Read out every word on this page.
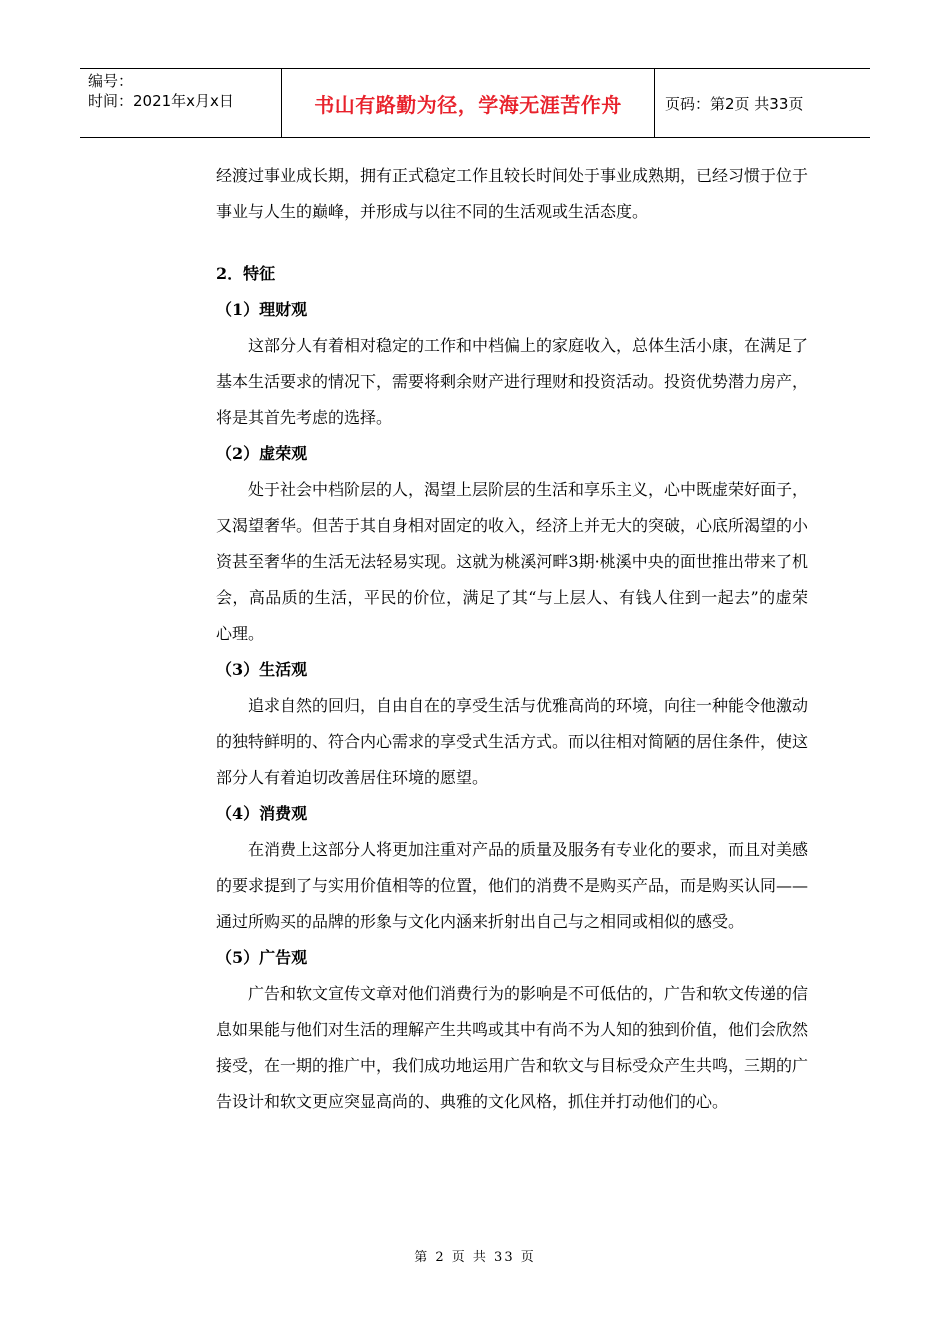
编号：
时间：2021年x月x日	书山有路勤为径，学海无涯苦作舟	页码：第2页 共33页

经渡过事业成长期，拥有正式稳定工作且较长时间处于事业成熟期，已经习惯于位于事业与人生的巅峰，并形成与以往不同的生活观或生活态度。

2．特征

（1）理财观

这部分人有着相对稳定的工作和中档偏上的家庭收入，总体生活小康，在满足了基本生活要求的情况下，需要将剩余财产进行理财和投资活动。投资优势潜力房产，将是其首先考虑的选择。

（2）虚荣观

处于社会中档阶层的人，渴望上层阶层的生活和享乐主义，心中既虚荣好面子，又渴望奢华。但苦于其自身相对固定的收入，经济上并无大的突破，心底所渴望的小资甚至奢华的生活无法轻易实现。这就为桃溪河畔3期·桃溪中央的面世推出带来了机会，高品质的生活，平民的价位，满足了其“与上层人、有钱人住到一起去”的虚荣心理。

（3）生活观

追求自然的回归，自由自在的享受生活与优雅高尚的环境，向往一种能令他激动的独特鲜明的、符合内心需求的享受式生活方式。而以往相对简陋的居住条件，使这部分人有着迫切改善居住环境的愿望。

（4）消费观

在消费上这部分人将更加注重对产品的质量及服务有专业化的要求，而且对美感的要求提到了与实用价值相等的位置，他们的消费不是购买产品，而是购买认同——通过所购买的品牌的形象与文化内涵来折射出自己与之相同或相似的感受。

（5）广告观

广告和软文宣传文章对他们消费行为的影响是不可低估的，广告和软文传递的信息如果能与他们对生活的理解产生共鸣或其中有尚不为人知的独到价值，他们会欣然接受，在一期的推广中，我们成功地运用广告和软文与目标受众产生共鸣，三期的广告设计和软文更应突显高尚的、典雅的文化风格，抓住并打动他们的心。

第 2 页 共 33 页
